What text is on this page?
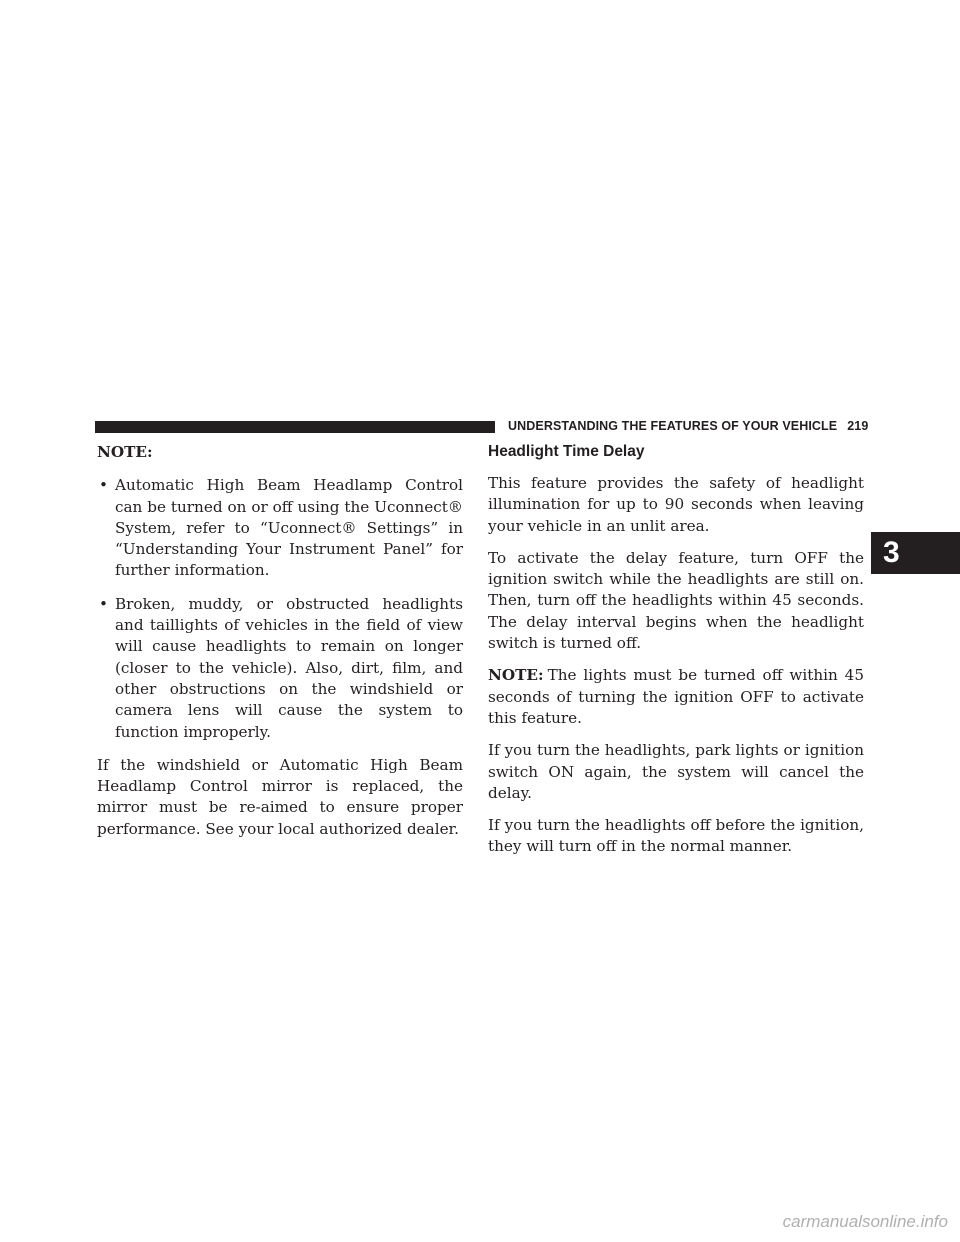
UNDERSTANDING THE FEATURES OF YOUR VEHICLE 219

NOTE:

• Automatic High Beam Headlamp Control can be turned on or off using the Uconnect® System, refer to “Uconnect® Settings” in “Understanding Your Instrument Panel” for further information.
• Broken, muddy, or obstructed headlights and taillights of vehicles in the field of view will cause headlights to remain on longer (closer to the vehicle). Also, dirt, film, and other obstructions on the windshield or camera lens will cause the system to function improperly.

If the windshield or Automatic High Beam Headlamp Control mirror is replaced, the mirror must be re-aimed to ensure proper performance. See your local authorized dealer.

Headlight Time Delay

This feature provides the safety of headlight illumination for up to 90 seconds when leaving your vehicle in an unlit area.

To activate the delay feature, turn OFF the ignition switch while the headlights are still on. Then, turn off the headlights within 45 seconds. The delay interval begins when the headlight switch is turned off.

NOTE: The lights must be turned off within 45 seconds of turning the ignition OFF to activate this feature.

If you turn the headlights, park lights or ignition switch ON again, the system will cancel the delay.

If you turn the headlights off before the ignition, they will turn off in the normal manner.

3
carmanualsonline.info
